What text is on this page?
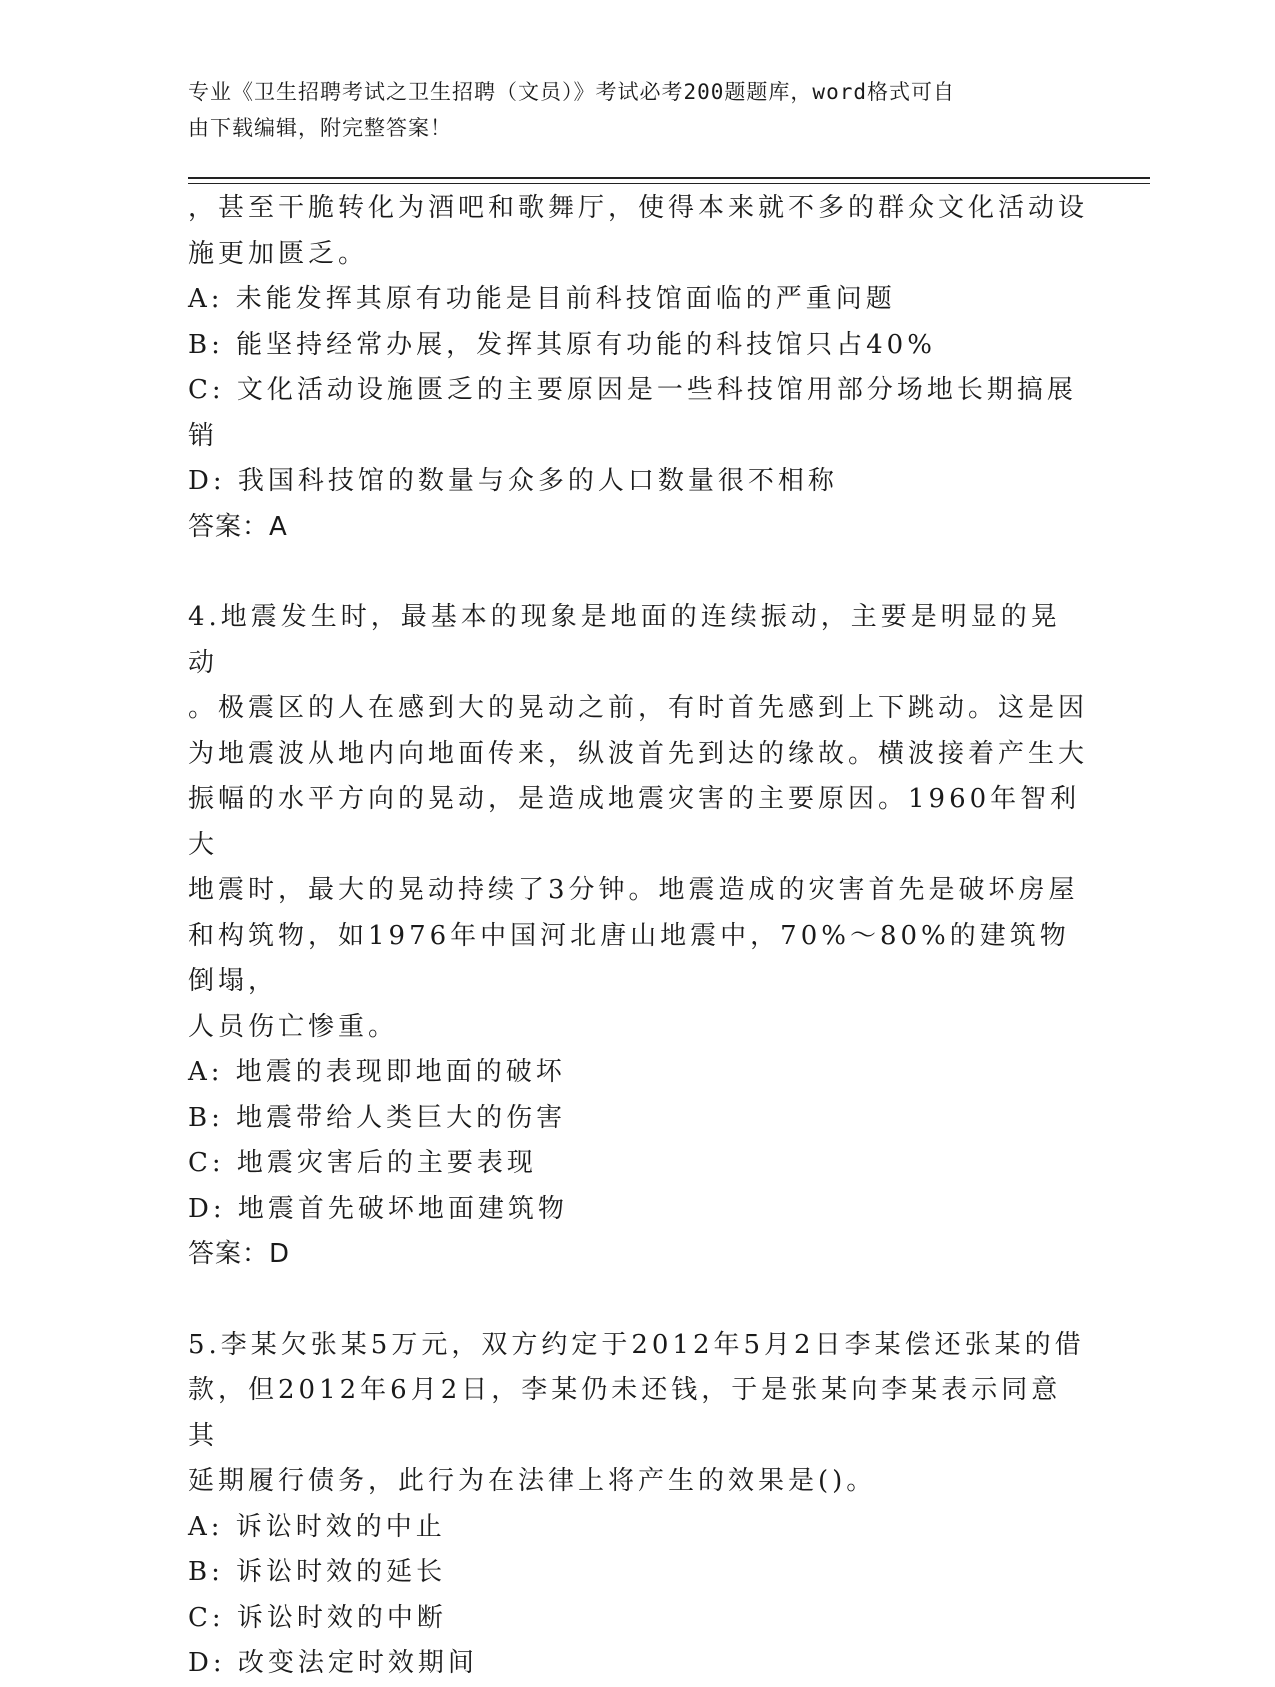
专业《卫生招聘考试之卫生招聘（文员）》考试必考200题题库，word格式可自
由下载编辑，附完整答案！

，甚至干脆转化为酒吧和歌舞厅，使得本来就不多的群众文化活动设

施更加匮乏。

A: 未能发挥其原有功能是目前科技馆面临的严重问题

B: 能坚持经常办展，发挥其原有功能的科技馆只占40%

C: 文化活动设施匮乏的主要原因是一些科技馆用部分场地长期搞展销

D: 我国科技馆的数量与众多的人口数量很不相称

答案：A

4.地震发生时，最基本的现象是地面的连续振动，主要是明显的晃动

。极震区的人在感到大的晃动之前，有时首先感到上下跳动。这是因

为地震波从地内向地面传来，纵波首先到达的缘故。横波接着产生大

振幅的水平方向的晃动，是造成地震灾害的主要原因。1960年智利大

地震时，最大的晃动持续了3分钟。地震造成的灾害首先是破坏房屋

和构筑物，如1976年中国河北唐山地震中，70%～80%的建筑物倒塌，

人员伤亡惨重。

A: 地震的表现即地面的破坏

B: 地震带给人类巨大的伤害

C: 地震灾害后的主要表现

D: 地震首先破坏地面建筑物

答案：D

5.李某欠张某5万元，双方约定于2012年5月2日李某偿还张某的借

款，但2012年6月2日，李某仍未还钱，于是张某向李某表示同意其

延期履行债务，此行为在法律上将产生的效果是()。

A: 诉讼时效的中止

B: 诉讼时效的延长

C: 诉讼时效的中断

D: 改变法定时效期间
